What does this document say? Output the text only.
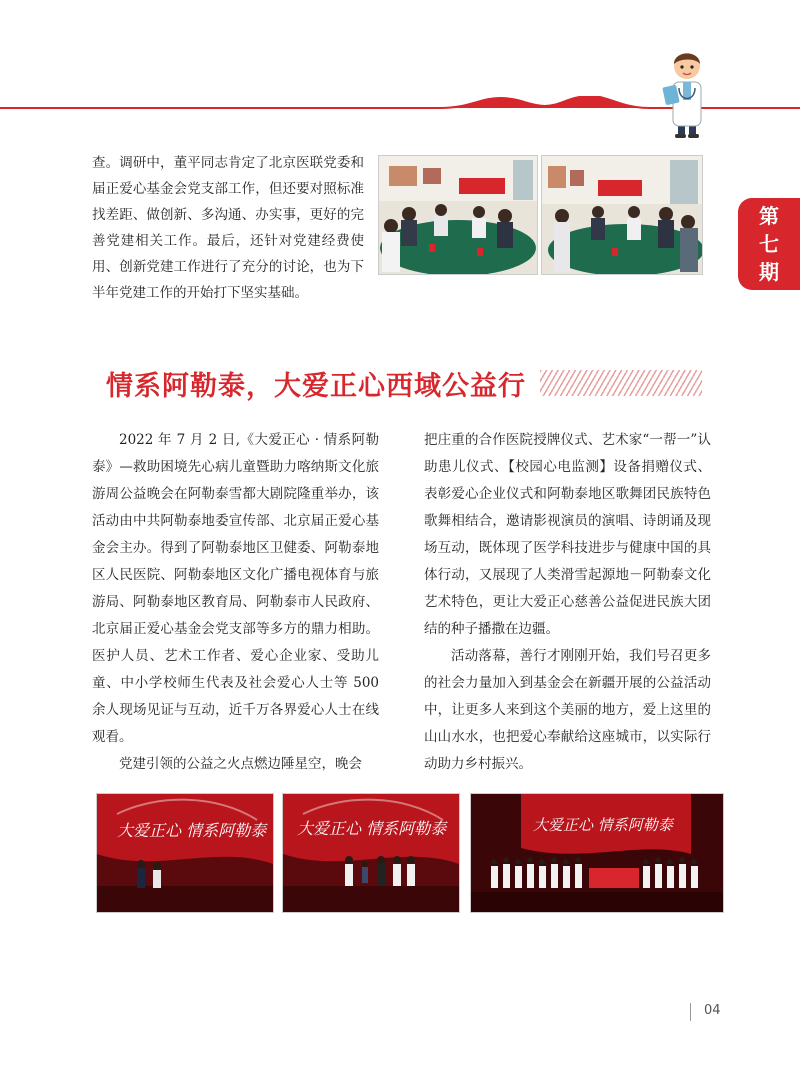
第
七
期

查。调研中，董平同志肯定了北京医联党委和届正爱心基金会党支部工作，但还要对照标准找差距、做创新、多沟通、办实事，更好的完善党建相关工作。最后，还针对党建经费使用、创新党建工作进行了充分的讨论，也为下半年党建工作的开始打下坚实基础。

情系阿勒泰，大爱正心西域公益行

2022 年 7 月 2 日,《大爱正心 · 情系阿勒泰》—救助困境先心病儿童暨助力喀纳斯文化旅游周公益晚会在阿勒泰雪都大剧院隆重举办，该活动由中共阿勒泰地委宣传部、北京届正爱心基金会主办。得到了阿勒泰地区卫健委、阿勒泰地区人民医院、阿勒泰地区文化广播电视体育与旅游局、阿勒泰地区教育局、阿勒泰市人民政府、北京届正爱心基金会党支部等多方的鼎力相助。医护人员、艺术工作者、爱心企业家、受助儿童、中小学校师生代表及社会爱心人士等 500 余人现场见证与互动，近千万各界爱心人士在线观看。

党建引领的公益之火点燃边陲星空，晚会

把庄重的合作医院授牌仪式、艺术家“一帮一”认助患儿仪式、【校园心电监测】设备捐赠仪式、表彰爱心企业仪式和阿勒泰地区歌舞团民族特色歌舞相结合，邀请影视演员的演唱、诗朗诵及现场互动，既体现了医学科技进步与健康中国的具体行动，又展现了人类滑雪起源地－阿勒泰文化艺术特色，更让大爱正心慈善公益促进民族大团结的种子播撒在边疆。

活动落幕，善行才刚刚开始，我们号召更多的社会力量加入到基金会在新疆开展的公益活动中，让更多人来到这个美丽的地方，爱上这里的山山水水，也把爱心奉献给这座城市，以实际行动助力乡村振兴。

大爱正心 情系阿勒泰 大爱正心 情系阿勒泰	大爱正心 情系阿勒泰
04
